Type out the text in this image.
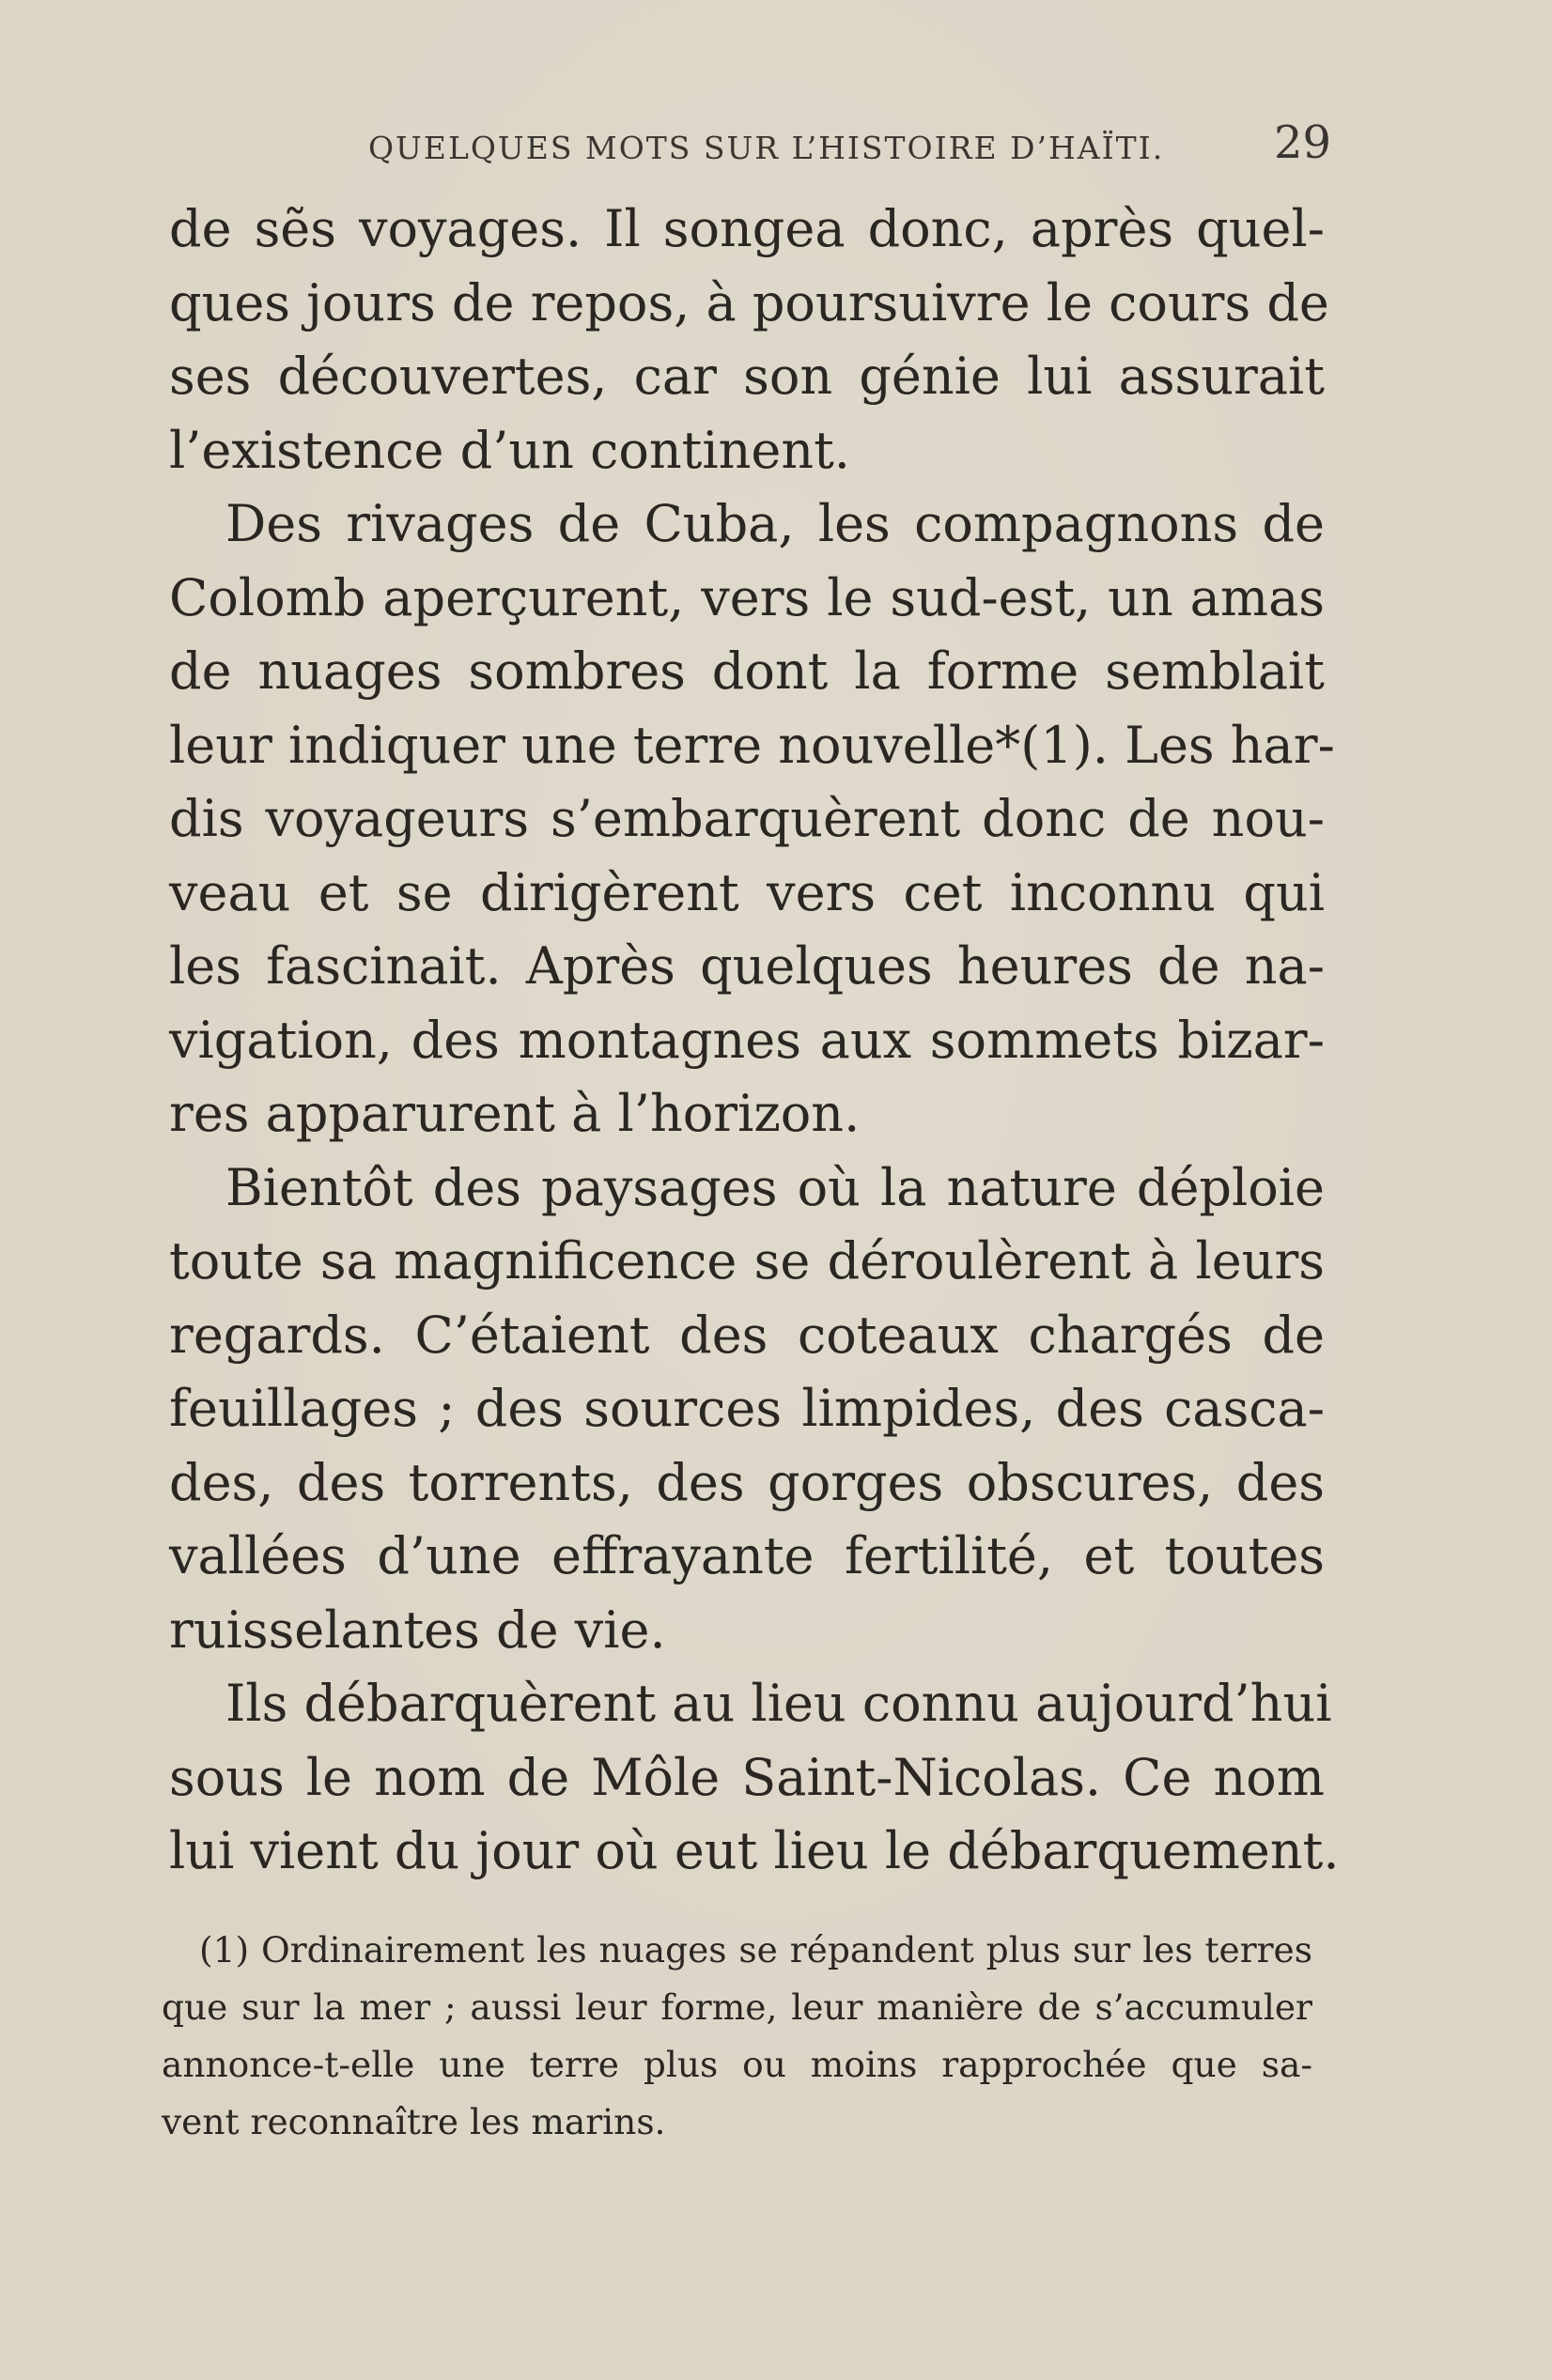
QUELQUES MOTS SUR L’HISTOIRE D’HAÏTI. 29
de sẽs voyages. Il songea donc, après quel-
ques jours de repos, à poursuivre le cours de
ses découvertes, car son génie lui assurait
l’existence d’un continent.
Des rivages de Cuba, les compagnons de
Colomb aperçurent, vers le sud-est, un amas
de nuages sombres dont la forme semblait
leur indiquer une terre nouvelle*(1). Les har-
dis voyageurs s’embarquèrent donc de nou-
veau et se dirigèrent vers cet inconnu qui
les fascinait. Après quelques heures de na-
vigation, des montagnes aux sommets bizar-
res apparurent à l’horizon.
Bientôt des paysages où la nature déploie
toute sa magnificence se déroulèrent à leurs
regards. C’étaient des coteaux chargés de
feuillages ; des sources limpides, des casca-
des, des torrents, des gorges obscures, des
vallées d’une effrayante fertilité, et toutes
ruisselantes de vie.
Ils débarquèrent au lieu connu aujourd’hui
sous le nom de Môle Saint-Nicolas. Ce nom
lui vient du jour où eut lieu le débarquement.
(1) Ordinairement les nuages se répandent plus sur les terres
que sur la mer ; aussi leur forme, leur manière de s’accumuler
annonce-t-elle une terre plus ou moins rapprochée que sa-
vent reconnaître les marins.
